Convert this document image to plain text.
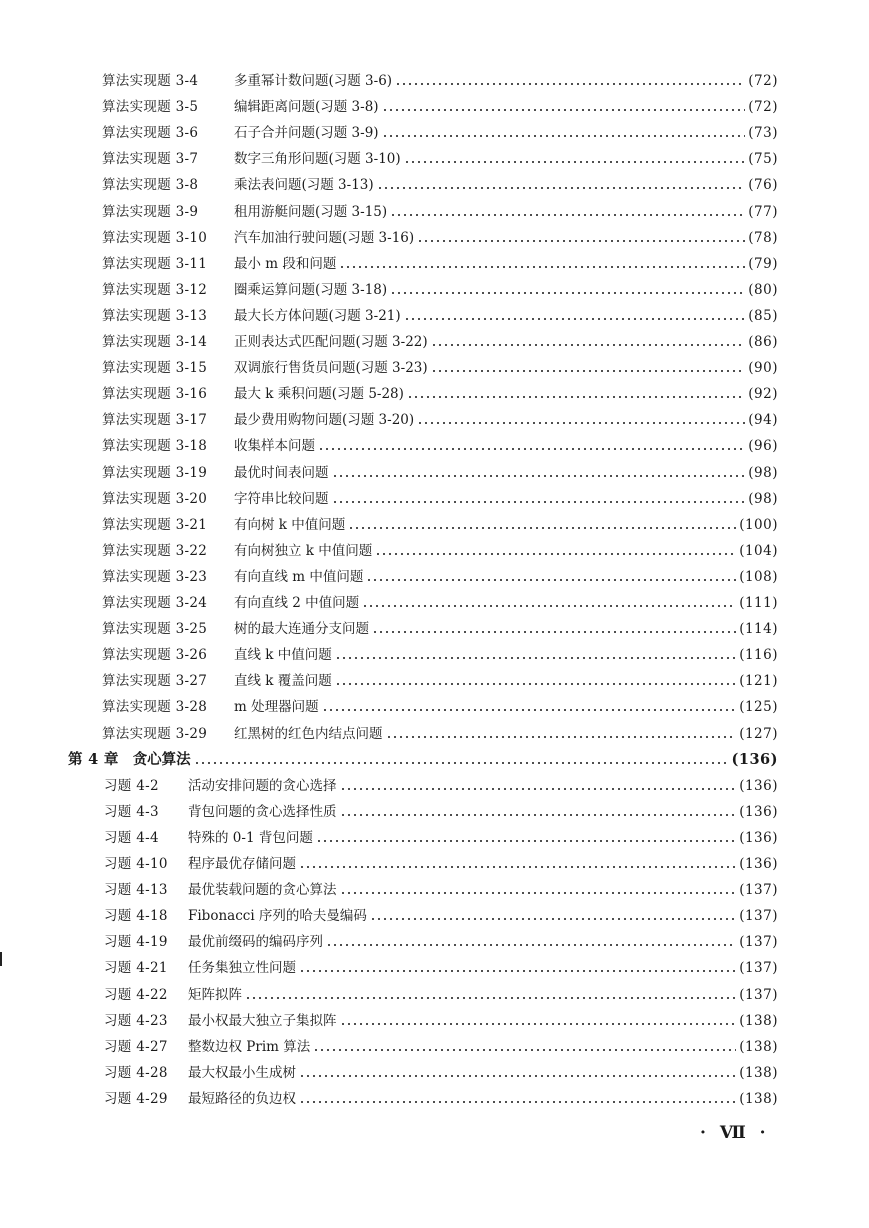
算法实现题 3-4	多重幂计数问题(习题 3-6)	(72)
算法实现题 3-5	编辑距离问题(习题 3-8)	(72)
算法实现题 3-6	石子合并问题(习题 3-9)	(73)
算法实现题 3-7	数字三角形问题(习题 3-10)	(75)
算法实现题 3-8	乘法表问题(习题 3-13)	(76)
算法实现题 3-9	租用游艇问题(习题 3-15)	(77)
算法实现题 3-10	汽车加油行驶问题(习题 3-16)	(78)
算法实现题 3-11	最小 m 段和问题	(79)
算法实现题 3-12	圈乘运算问题(习题 3-18)	(80)
算法实现题 3-13	最大长方体问题(习题 3-21)	(85)
算法实现题 3-14	正则表达式匹配问题(习题 3-22)	(86)
算法实现题 3-15	双调旅行售货员问题(习题 3-23)	(90)
算法实现题 3-16	最大 k 乘积问题(习题 5-28)	(92)
算法实现题 3-17	最少费用购物问题(习题 3-20)	(94)
算法实现题 3-18	收集样本问题	(96)
算法实现题 3-19	最优时间表问题	(98)
算法实现题 3-20	字符串比较问题	(98)
算法实现题 3-21	有向树 k 中值问题	(100)
算法实现题 3-22	有向树独立 k 中值问题	(104)
算法实现题 3-23	有向直线 m 中值问题	(108)
算法实现题 3-24	有向直线 2 中值问题	(111)
算法实现题 3-25	树的最大连通分支问题	(114)
算法实现题 3-26	直线 k 中值问题	(116)
算法实现题 3-27	直线 k 覆盖问题	(121)
算法实现题 3-28	m 处理器问题	(125)
算法实现题 3-29	红黑树的红色内结点问题	(127)
第 4 章 贪心算法	(136)
习题 4-2	活动安排问题的贪心选择	(136)
习题 4-3	背包问题的贪心选择性质	(136)
习题 4-4	特殊的 0-1 背包问题	(136)
习题 4-10	程序最优存储问题	(136)
习题 4-13	最优装载问题的贪心算法	(137)
习题 4-18	Fibonacci 序列的哈夫曼编码	(137)
习题 4-19	最优前缀码的编码序列	(137)
习题 4-21	任务集独立性问题	(137)
习题 4-22	矩阵拟阵	(137)
习题 4-23	最小权最大独立子集拟阵	(138)
习题 4-27	整数边权 Prim 算法	(138)
习题 4-28	最大权最小生成树	(138)
习题 4-29	最短路径的负边权	(138)
· Ⅶ ·
